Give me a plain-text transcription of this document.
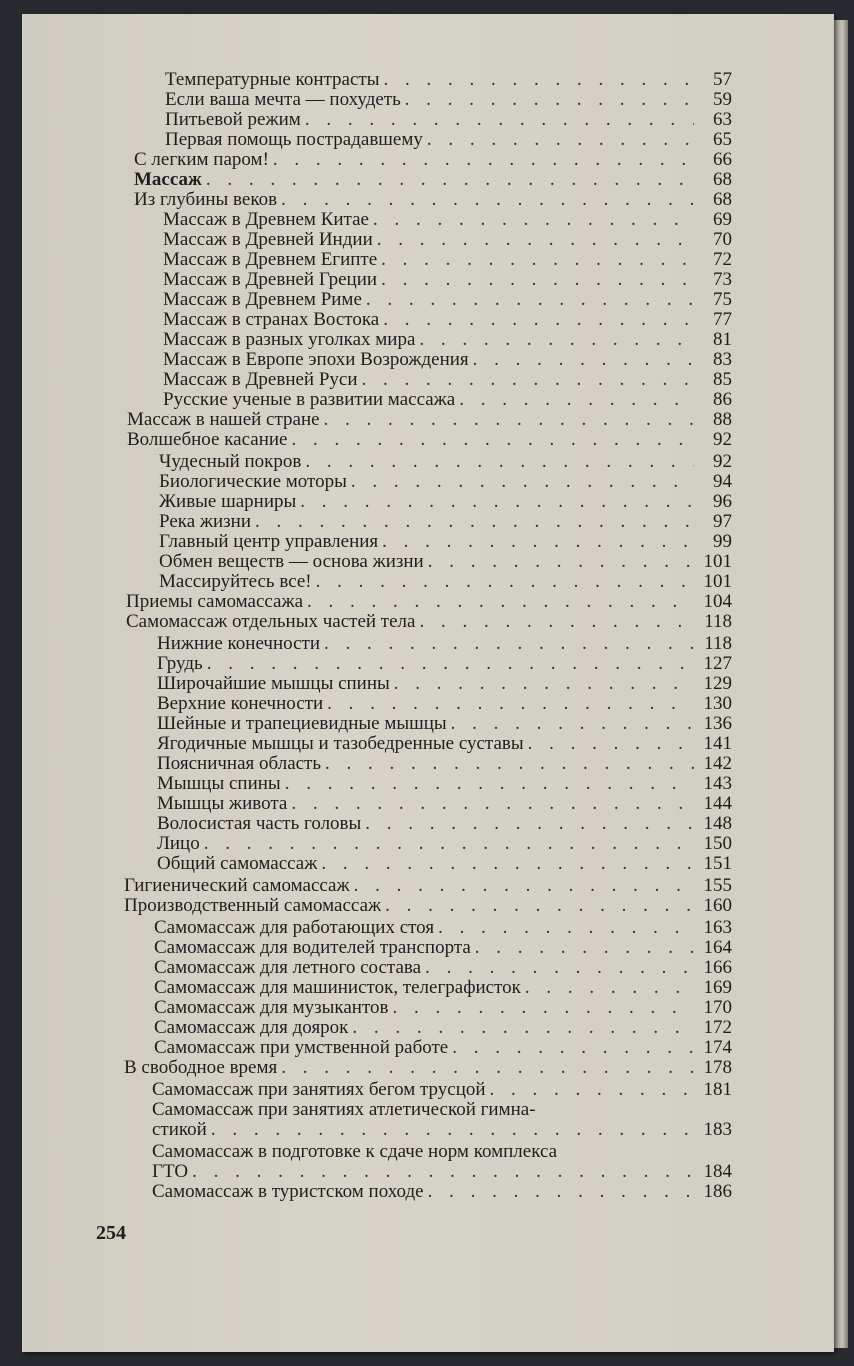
Температурные контрасты . . .	57
Если ваша мечта — похудеть . . .	59
Питьевой режим . . .	63
Первая помощь пострадавшему . . .	65
С легким паром! . . .	66
Массаж . . .	68
Из глубины веков . . .	68
Массаж в Древнем Китае . . .	69
Массаж в Древней Индии . . .	70
Массаж в Древнем Египте . . .	72
Массаж в Древней Греции . . .	73
Массаж в Древнем Риме . . .	75
Массаж в странах Востока . . .	77
Массаж в разных уголках мира . . .	81
Массаж в Европе эпохи Возрождения . . .	83
Массаж в Древней Руси . . .	85
Русские ученые в развитии массажа . . .	86
Массаж в нашей стране . . .	88
Волшебное касание . . .	92
Чудесный покров . . .	92
Биологические моторы . . .	94
Живые шарниры . . .	96
Река жизни . . .	97
Главный центр управления . . .	99
Обмен веществ — основа жизни . . .	101
Массируйтесь все! . . .	101
Приемы самомассажа . . .	104
Самомассаж отдельных частей тела . . .	118
Нижние конечности . . .	118
Грудь . . .	127
Широчайшие мышцы спины . . .	129
Верхние конечности . . .	130
Шейные и трапециевидные мышцы . . .	136
Ягодичные мышцы и тазобедренные суставы . . .	141
Поясничная область . . .	142
Мышцы спины . . .	143
Мышцы живота . . .	144
Волосистая часть головы . . .	148
Лицо . . .	150
Общий самомассаж . . .	151
Гигиенический самомассаж . . .	155
Производственный самомассаж . . .	160
Самомассаж для работающих стоя . . .	163
Самомассаж для водителей транспорта . . .	164
Самомассаж для летного состава . . .	166
Самомассаж для машинисток, телеграфисток . . .	169
Самомассаж для музыкантов . . .	170
Самомассаж для доярок . . .	172
Самомассаж при умственной работе . . .	174
В свободное время . . .	178
Самомассаж при занятиях бегом трусцой . . .	181
Самомассаж при занятиях атлетической гимна-
стикой . . .	183
Самомассаж в подготовке к сдаче норм комплекса
ГТО . . .	184
Самомассаж в туристском походе . . .	186
254
